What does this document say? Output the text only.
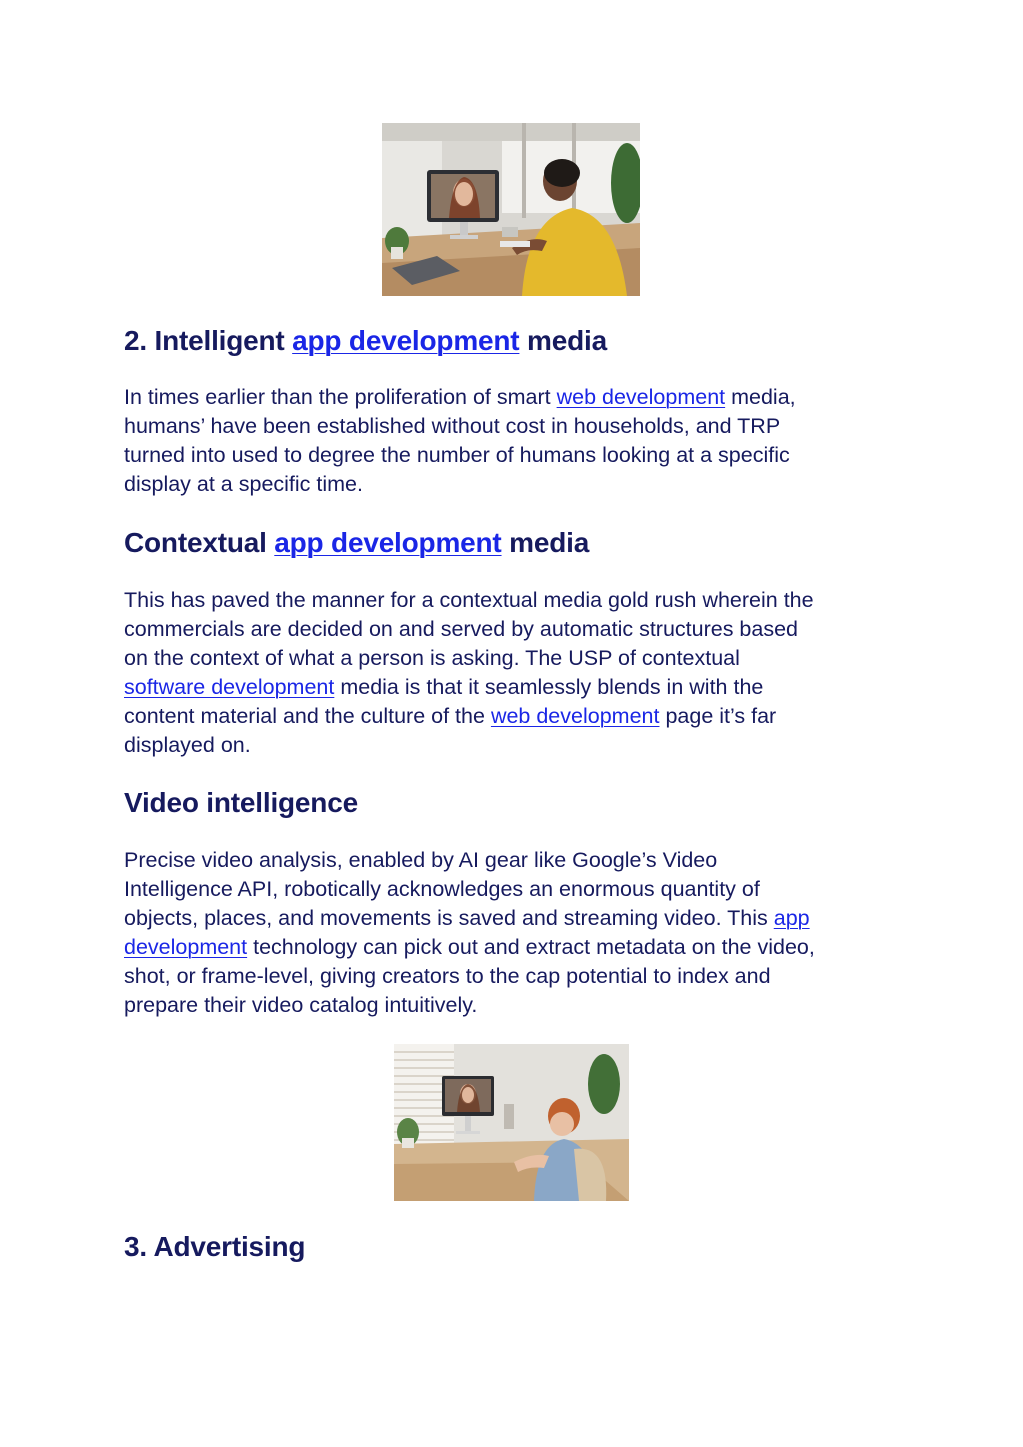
2. Intelligent app development media
In times earlier than the proliferation of smart web development media,
humans’ have been established without cost in households, and TRP
turned into used to degree the number of humans looking at a specific
display at a specific time.
Contextual app development media
This has paved the manner for a contextual media gold rush wherein the
commercials are decided on and served by automatic structures based
on the context of what a person is asking. The USP of contextual
software development media is that it seamlessly blends in with the
content material and the culture of the web development page it’s far
displayed on.
Video intelligence
Precise video analysis, enabled by AI gear like Google’s Video
Intelligence API, robotically acknowledges an enormous quantity of
objects, places, and movements is saved and streaming video. This app
development technology can pick out and extract metadata on the video,
shot, or frame-level, giving creators to the cap potential to index and
prepare their video catalog intuitively.
3. Advertising
